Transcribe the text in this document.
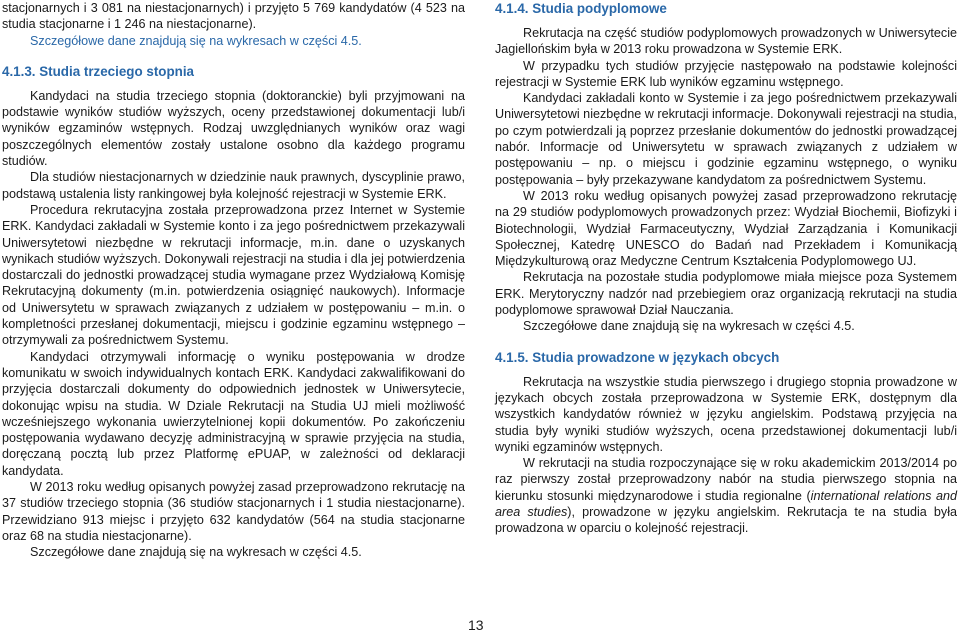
stacjonarnych i 3 081 na niestacjonarnych) i przyjęto 5 769 kandydatów (4 523 na studia stacjonarne i 1 246 na niestacjonarne).

Szczegółowe dane znajdują się na wykresach w części 4.5.

4.1.3. Studia trzeciego stopnia

Kandydaci na studia trzeciego stopnia (doktoranckie) byli przyjmowani na podstawie wyników studiów wyższych, oceny przedstawionej dokumentacji lub/i wyników egzaminów wstępnych. Rodzaj uwzględnianych wyników oraz wagi poszczególnych elementów zostały ustalone osobno dla każdego programu studiów.

Dla studiów niestacjonarnych w dziedzinie nauk prawnych, dyscyplinie prawo, podstawą ustalenia listy rankingowej była kolejność rejestracji w Systemie ERK.

Procedura rekrutacyjna została przeprowadzona przez Internet w Systemie ERK. Kandydaci zakładali w Systemie konto i za jego pośrednictwem przekazywali Uniwersytetowi niezbędne w rekrutacji informacje, m.in. dane o uzyskanych wynikach studiów wyższych. Dokonywali rejestracji na studia i dla jej potwierdzenia dostarczali do jednostki prowadzącej studia wymagane przez Wydziałową Komisję Rekrutacyjną dokumenty (m.in. potwierdzenia osiągnięć naukowych). Informacje od Uniwersytetu w sprawach związanych z udziałem w postępowaniu – m.in. o kompletności przesłanej dokumentacji, miejscu i godzinie egzaminu wstępnego – otrzymywali za pośrednictwem Systemu.

Kandydaci otrzymywali informację o wyniku postępowania w drodze komunikatu w swoich indywidualnych kontach ERK. Kandydaci zakwalifikowani do przyjęcia dostarczali dokumenty do odpowiednich jednostek w Uniwersytecie, dokonując wpisu na studia. W Dziale Rekrutacji na Studia UJ mieli możliwość wcześniejszego wykonania uwierzytelnionej kopii dokumentów. Po zakończeniu postępowania wydawano decyzję administracyjną w sprawie przyjęcia na studia, doręczaną pocztą lub przez Platformę ePUAP, w zależności od deklaracji kandydata.

W 2013 roku według opisanych powyżej zasad przeprowadzono rekrutację na 37 studiów trzeciego stopnia (36 studiów stacjonarnych i 1 studia niestacjonarne). Przewidziano 913 miejsc i przyjęto 632 kandydatów (564 na studia stacjonarne oraz 68 na studia niestacjonarne).

Szczegółowe dane znajdują się na wykresach w części 4.5.

4.1.4. Studia podyplomowe

Rekrutacja na część studiów podyplomowych prowadzonych w Uniwersytecie Jagiellońskim była w 2013 roku prowadzona w Systemie ERK.

W przypadku tych studiów przyjęcie następowało na podstawie kolejności rejestracji w Systemie ERK lub wyników egzaminu wstępnego.

Kandydaci zakładali konto w Systemie i za jego pośrednictwem przekazywali Uniwersytetowi niezbędne w rekrutacji informacje. Dokonywali rejestracji na studia, po czym potwierdzali ją poprzez przesłanie dokumentów do jednostki prowadzącej nabór. Informacje od Uniwersytetu w sprawach związanych z udziałem w postępowaniu – np. o miejscu i godzinie egzaminu wstępnego, o wyniku postępowania – były przekazywane kandydatom za pośrednictwem Systemu.

W 2013 roku według opisanych powyżej zasad przeprowadzono rekrutację na 29 studiów podyplomowych prowadzonych przez: Wydział Biochemii, Biofizyki i Biotechnologii, Wydział Farmaceutyczny, Wydział Zarządzania i Komunikacji Społecznej, Katedrę UNESCO do Badań nad Przekładem i Komunikacją Międzykulturową oraz Medyczne Centrum Kształcenia Podyplomowego UJ.

Rekrutacja na pozostałe studia podyplomowe miała miejsce poza Systemem ERK. Merytoryczny nadzór nad przebiegiem oraz organizacją rekrutacji na studia podyplomowe sprawował Dział Nauczania.

Szczegółowe dane znajdują się na wykresach w części 4.5.

4.1.5. Studia prowadzone w językach obcych

Rekrutacja na wszystkie studia pierwszego i drugiego stopnia prowadzone w językach obcych została przeprowadzona w Systemie ERK, dostępnym dla wszystkich kandydatów również w języku angielskim. Podstawą przyjęcia na studia były wyniki studiów wyższych, ocena przedstawionej dokumentacji lub/i wyniki egzaminów wstępnych.

W rekrutacji na studia rozpoczynające się w roku akademickim 2013/2014 po raz pierwszy został przeprowadzony nabór na studia pierwszego stopnia na kierunku stosunki międzynarodowe i studia regionalne (international relations and area studies), prowadzone w języku angielskim. Rekrutacja te na studia była prowadzona w oparciu o kolejność rejestracji.

13
